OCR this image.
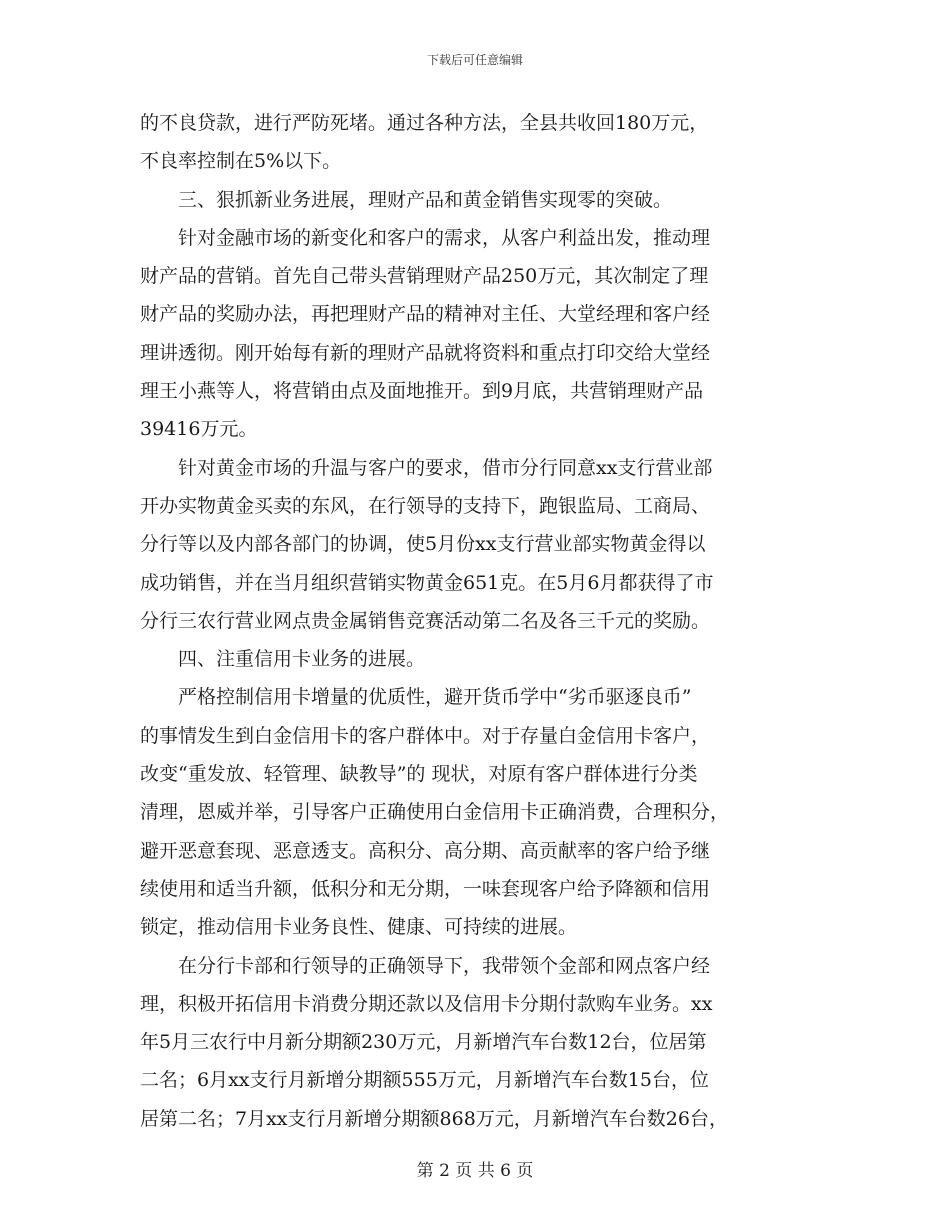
下载后可任意编辑
的不良贷款，进行严防死堵。通过各种方法，全县共收回180万元，
不良率控制在5%以下。
三、狠抓新业务进展，理财产品和黄金销售实现零的突破。
针对金融市场的新变化和客户的需求，从客户利益出发，推动理
财产品的营销。首先自己带头营销理财产品250万元，其次制定了理
财产品的奖励办法，再把理财产品的精神对主任、大堂经理和客户经
理讲透彻。刚开始每有新的理财产品就将资料和重点打印交给大堂经
理王小燕等人，将营销由点及面地推开。到9月底，共营销理财产品
39416万元。
针对黄金市场的升温与客户的要求，借市分行同意xx支行营业部
开办实物黄金买卖的东风，在行领导的支持下，跑银监局、工商局、
分行等以及内部各部门的协调，使5月份xx支行营业部实物黄金得以
成功销售，并在当月组织营销实物黄金651克。在5月6月都获得了市
分行三农行营业网点贵金属销售竞赛活动第二名及各三千元的奖励。
四、注重信用卡业务的进展。
严格控制信用卡增量的优质性，避开货币学中“劣币驱逐良币”
的事情发生到白金信用卡的客户群体中。对于存量白金信用卡客户，
改变“重发放、轻管理、缺教导”的 现状，对原有客户群体进行分类
清理，恩威并举，引导客户正确使用白金信用卡正确消费，合理积分，
避开恶意套现、恶意透支。高积分、高分期、高贡献率的客户给予继
续使用和适当升额，低积分和无分期，一味套现客户给予降额和信用
锁定，推动信用卡业务良性、健康、可持续的进展。
在分行卡部和行领导的正确领导下，我带领个金部和网点客户经
理，积极开拓信用卡消费分期还款以及信用卡分期付款购车业务。xx
年5月三农行中月新分期额230万元，月新增汽车台数12台，位居第
二名；6月xx支行月新增分期额555万元，月新增汽车台数15台，位
居第二名；7月xx支行月新增分期额868万元，月新增汽车台数26台，
第 2 页 共 6 页
